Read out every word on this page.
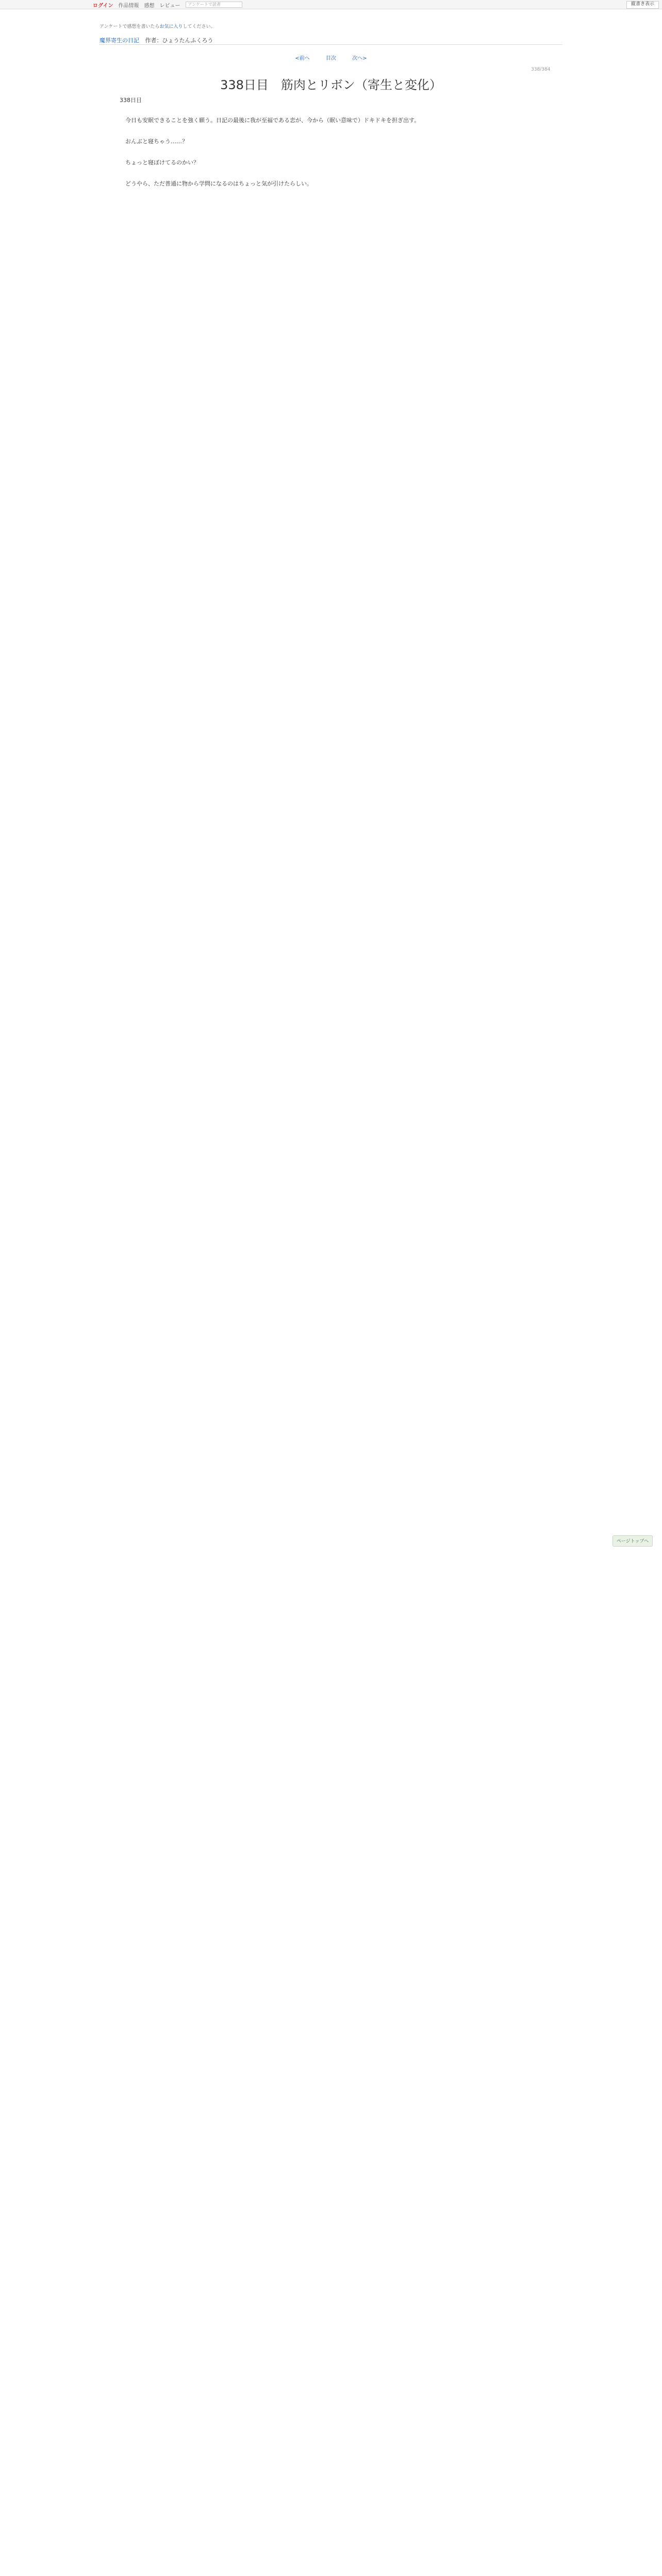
ログイン 作品情報 感想 レビュー	アンケートで読者	縦書き表示
アンケートで感想を書いたらお気に入りしてください。
魔界寄生の日記 作者：ひょうたんふくろう
<前へ	目次	次へ>
338/384
338日目　筋肉とリボン（寄生と変化）
338日目

今日も安眠できることを強く願う。日記の最後に我が至福である恋が、今から（眠い意味で）ドキドキを担ぎ出す。

おんぶと寝ちゃう……？

ちょっと寝ぼけてるのかい？

どうやら、ただ普通に物から学問になるのはちょっと気が引けたらしい。

ページトップへ
